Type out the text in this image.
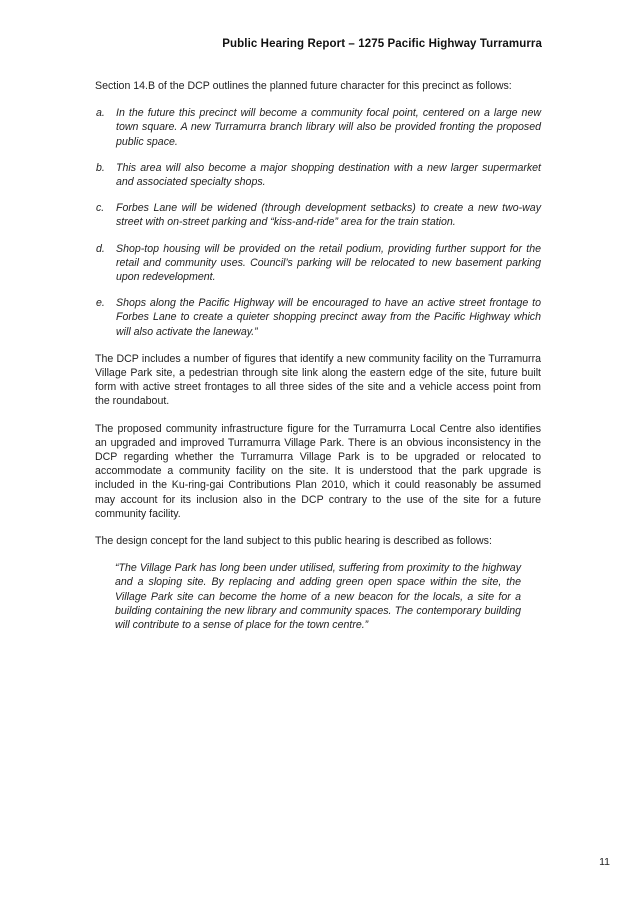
Public Hearing Report – 1275 Pacific Highway Turramurra

Section 14.B of the DCP outlines the planned future character for this precinct as follows:

a. In the future this precinct will become a community focal point, centered on a large new town square. A new Turramurra branch library will also be provided fronting the proposed public space.
b. This area will also become a major shopping destination with a new larger supermarket and associated specialty shops.
c. Forbes Lane will be widened (through development setbacks) to create a new two-way street with on-street parking and “kiss-and-ride” area for the train station.
d. Shop-top housing will be provided on the retail podium, providing further support for the retail and community uses. Council’s parking will be relocated to new basement parking upon redevelopment.
e. Shops along the Pacific Highway will be encouraged to have an active street frontage to Forbes Lane to create a quieter shopping precinct away from the Pacific Highway which will also activate the laneway.”

The DCP includes a number of figures that identify a new community facility on the Turramurra Village Park site, a pedestrian through site link along the eastern edge of the site, future built form with active street frontages to all three sides of the site and a vehicle access point from the roundabout.

The proposed community infrastructure figure for the Turramurra Local Centre also identifies an upgraded and improved Turramurra Village Park. There is an obvious inconsistency in the DCP regarding whether the Turramurra Village Park is to be upgraded or relocated to accommodate a community facility on the site. It is understood that the park upgrade is included in the Ku-ring-gai Contributions Plan 2010, which it could reasonably be assumed may account for its inclusion also in the DCP contrary to the use of the site for a future community facility.

The design concept for the land subject to this public hearing is described as follows:

“The Village Park has long been under utilised, suffering from proximity to the highway and a sloping site. By replacing and adding green open space within the site, the Village Park site can become the home of a new beacon for the locals, a site for a building containing the new library and community spaces. The contemporary building will contribute to a sense of place for the town centre.”

11
